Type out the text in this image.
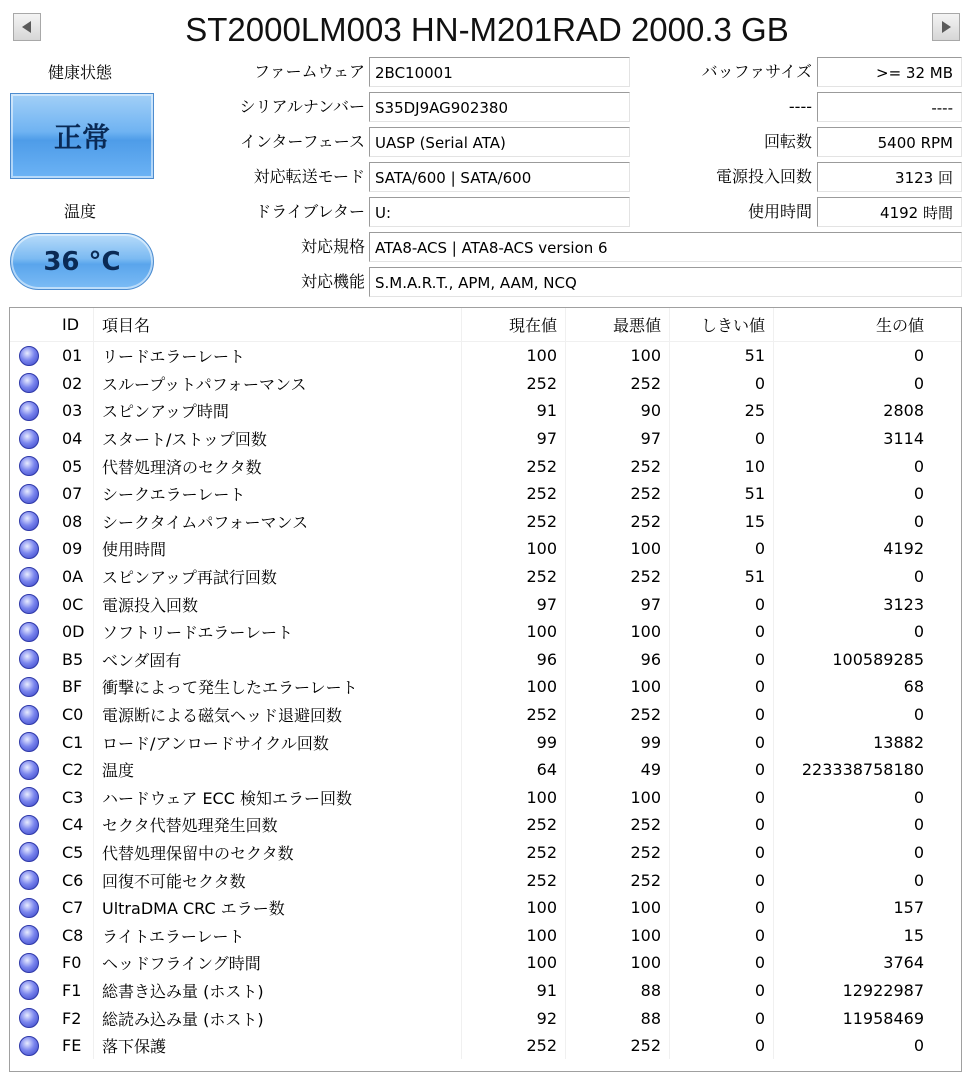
ST2000LM003 HN-M201RAD 2000.3 GB
健康状態
正常
温度
36 °C
ファームウェア 2BC10001
シリアルナンバー S35DJ9AG902380
インターフェース UASP (Serial ATA)
対応転送モード SATA/600 | SATA/600
ドライブレター U:
対応規格 ATA8-ACS | ATA8-ACS version 6
対応機能 S.M.A.R.T., APM, AAM, NCQ
バッファサイズ	>= 32 MB
----	----
回転数	5400 RPM
電源投入回数	3123 回
使用時間	4192 時間
ID	項目名	現在値	最悪値	しきい値	生の値
01	リードエラーレート	100	100	51	0
02	スループットパフォーマンス	252	252	0	0
03	スピンアップ時間	91	90	25	2808
04	スタート/ストップ回数	97	97	0	3114
05	代替処理済のセクタ数	252	252	10	0
07	シークエラーレート	252	252	51	0
08	シークタイムパフォーマンス	252	252	15	0
09	使用時間	100	100	0	4192
0A	スピンアップ再試行回数	252	252	51	0
0C	電源投入回数	97	97	0	3123
0D	ソフトリードエラーレート	100	100	0	0
B5	ベンダ固有	96	96	0	100589285
BF	衝撃によって発生したエラーレート	100	100	0	68
C0	電源断による磁気ヘッド退避回数	252	252	0	0
C1	ロード/アンロードサイクル回数	99	99	0	13882
C2	温度	64	49	0	223338758180
C3	ハードウェア ECC 検知エラー回数	100	100	0	0
C4	セクタ代替処理発生回数	252	252	0	0
C5	代替処理保留中のセクタ数	252	252	0	0
C6	回復不可能セクタ数	252	252	0	0
C7	UltraDMA CRC エラー数	100	100	0	157
C8	ライトエラーレート	100	100	0	15
F0	ヘッドフライング時間	100	100	0	3764
F1	総書き込み量 (ホスト)	91	88	0	12922987
F2	総読み込み量 (ホスト)	92	88	0	11958469
FE	落下保護	252	252	0	0
